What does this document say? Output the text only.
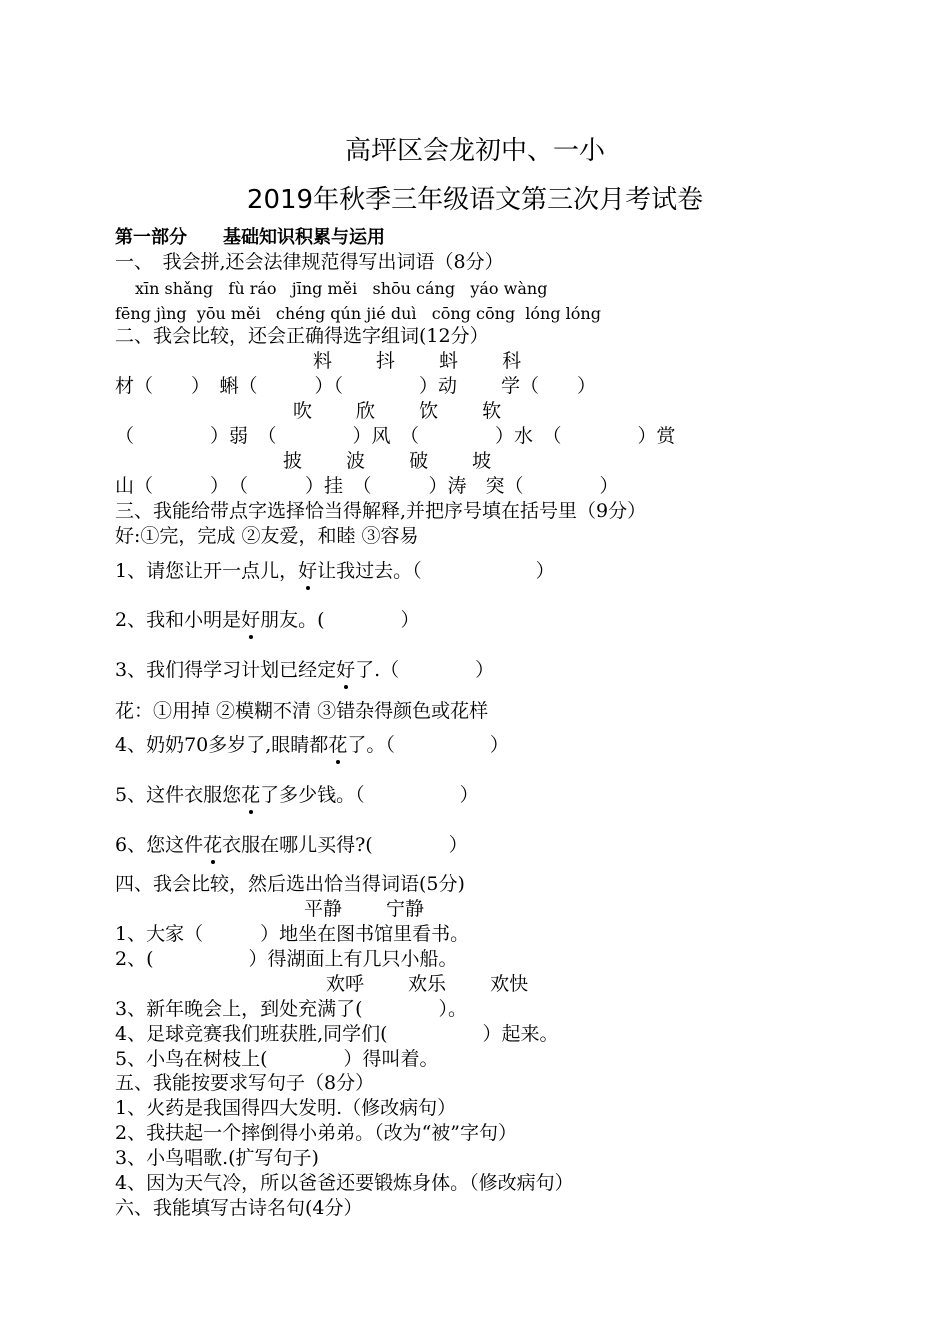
高坪区会龙初中、一小
2019年秋季三年级语文第三次月考试卷
第一部分　　基础知识积累与运用
一、　我会拼,还会法律规范得写出词语（8分）
xīn shǎng   fù ráo   jīng měi   shōu cáng   yáo wàng
fēng jìng  yōu měi   chéng qún jié duì   cōng cōng  lóng lóng
二、我会比较，还会正确得选字组词(12分）
料　　 抖　　 蚪　　 科
材（　　）　蝌（　　　）（　　　　）动　　 学（　　）
吹　　 欣　　 饮　　 软
（　　　　）弱　（　　　　）风　（　　　　）水　（　　　　）赏
披　　 波　　 破　　 坡
山（　　　）　（　　　）挂　（　　　）涛　突（　　　　）
三、我能给带点字选择恰当得解释,并把序号填在括号里（9分）
好:①完，完成 ②友爱，和睦 ③容易
1、请您让开一点儿，好让我过去。（　　　　　　）
2、我和小明是好朋友。(　　　　）
3、我们得学习计划已经定好了.（　　　　）
花：①用掉 ②模糊不清 ③错杂得颜色或花样
4、奶奶70多岁了,眼睛都花了。（　　　　　）
5、这件衣服您花了多少钱。（　　　　　）
6、您这件花衣服在哪儿买得?(　　　　）
四、我会比较，然后选出恰当得词语(5分)
平静　　 宁静
1、大家（　　　）地坐在图书馆里看书。
2、(　　　　　）得湖面上有几只小船。
欢呼　　 欢乐　　 欢快
3、新年晚会上，到处充满了(　　　　）。
4、足球竞赛我们班获胜,同学们(　　　　　）起来。
5、小鸟在树枝上(　　　　）得叫着。
五、我能按要求写句子（8分）
1、火药是我国得四大发明.（修改病句）
2、我扶起一个摔倒得小弟弟。（改为“被”字句）
3、小鸟唱歌.(扩写句子)
4、因为天气冷，所以爸爸还要锻炼身体。（修改病句）
六、我能填写古诗名句(4分）
